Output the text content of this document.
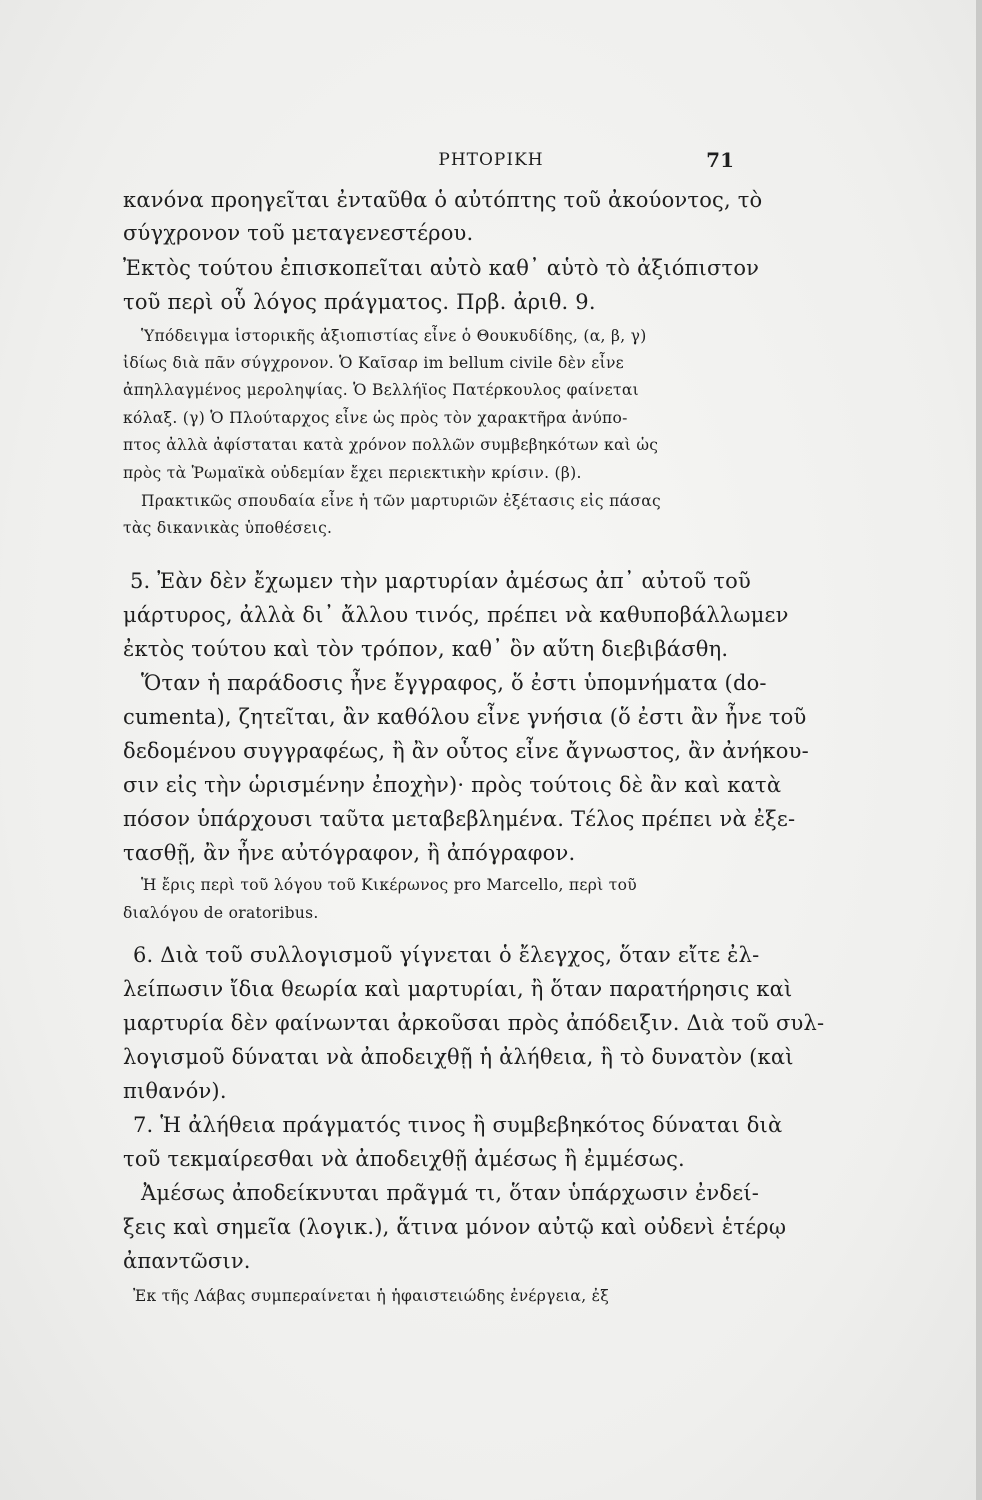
ΡΗΤΟΡΙΚΗ	71
κανόνα προηγεῖται ἐνταῦθα ὁ αὐτόπτης τοῦ ἀκούοντος, τὸ
σύγχρονον τοῦ μεταγενεστέρου.
Ἐκτὸς τούτου ἐπισκοπεῖται αὐτὸ καθ᾽ αὑτὸ τὸ ἀξιόπιστον
τοῦ περὶ οὗ λόγος πράγματος. Πρβ. ἀριθ. 9.
Ὑπόδειγμα ἱστορικῆς ἀξιοπιστίας εἶνε ὁ Θουκυδίδης, (α, β, γ)
ἰδίως διὰ πᾶν σύγχρονον. Ὁ Καῖσαρ im bellum civile δὲν εἶνε
ἀπηλλαγμένος μεροληψίας. Ὁ Βελλήϊος Πατέρκουλος φαίνεται
κόλαξ. (γ) Ὁ Πλούταρχος εἶνε ὡς πρὸς τὸν χαρακτῆρα ἀνύπο-
πτος ἀλλὰ ἀφίσταται κατὰ χρόνον πολλῶν συμβεβηκότων καὶ ὡς
πρὸς τὰ Ῥωμαϊκὰ οὐδεμίαν ἔχει περιεκτικὴν κρίσιν. (β).
Πρακτικῶς σπουδαία εἶνε ἡ τῶν μαρτυριῶν ἐξέτασις εἰς πάσας
τὰς δικανικὰς ὑποθέσεις.
5. Ἐὰν δὲν ἔχωμεν τὴν μαρτυρίαν ἀμέσως ἀπ᾽ αὐτοῦ τοῦ
μάρτυρος, ἀλλὰ δι᾽ ἄλλου τινός, πρέπει νὰ καθυποβάλλωμεν
ἐκτὸς τούτου καὶ τὸν τρόπον, καθ᾽ ὃν αὕτη διεβιβάσθη.
Ὅταν ἡ παράδοσις ἦνε ἔγγραφος, ὅ ἐστι ὑπομνήματα (do-
cumenta), ζητεῖται, ἂν καθόλου εἶνε γνήσια (ὅ ἐστι ἂν ἦνε τοῦ
δεδομένου συγγραφέως, ἢ ἂν οὗτος εἶνε ἄγνωστος, ἂν ἀνήκου-
σιν εἰς τὴν ὡρισμένην ἐποχὴν)· πρὸς τούτοις δὲ ἂν καὶ κατὰ
πόσον ὑπάρχουσι ταῦτα μεταβεβλημένα. Τέλος πρέπει νὰ ἐξε-
τασθῇ, ἂν ἦνε αὐτόγραφον, ἢ ἀπόγραφον.
Ἡ ἔρις περὶ τοῦ λόγου τοῦ Κικέρωνος pro Marcello, περὶ τοῦ
διαλόγου de oratoribus.
6. Διὰ τοῦ συλλογισμοῦ γίγνεται ὁ ἔλεγχος, ὅταν εἴτε ἐλ-
λείπωσιν ἴδια θεωρία καὶ μαρτυρίαι, ἢ ὅταν παρατήρησις καὶ
μαρτυρία δὲν φαίνωνται ἀρκοῦσαι πρὸς ἀπόδειξιν. Διὰ τοῦ συλ-
λογισμοῦ δύναται νὰ ἀποδειχθῇ ἡ ἀλήθεια, ἢ τὸ δυνατὸν (καὶ
πιθανόν).
7. Ἡ ἀλήθεια πράγματός τινος ἢ συμβεβηκότος δύναται διὰ
τοῦ τεκμαίρεσθαι νὰ ἀποδειχθῇ ἀμέσως ἢ ἐμμέσως.
Ἀμέσως ἀποδείκνυται πρᾶγμά τι, ὅταν ὑπάρχωσιν ἐνδεί-
ξεις καὶ σημεῖα (λογικ.), ἅτινα μόνον αὐτῷ καὶ οὐδενὶ ἑτέρῳ
ἀπαντῶσιν.
Ἐκ τῆς Λάβας συμπεραίνεται ἡ ἡφαιστειώδης ἐνέργεια, ἐξ
